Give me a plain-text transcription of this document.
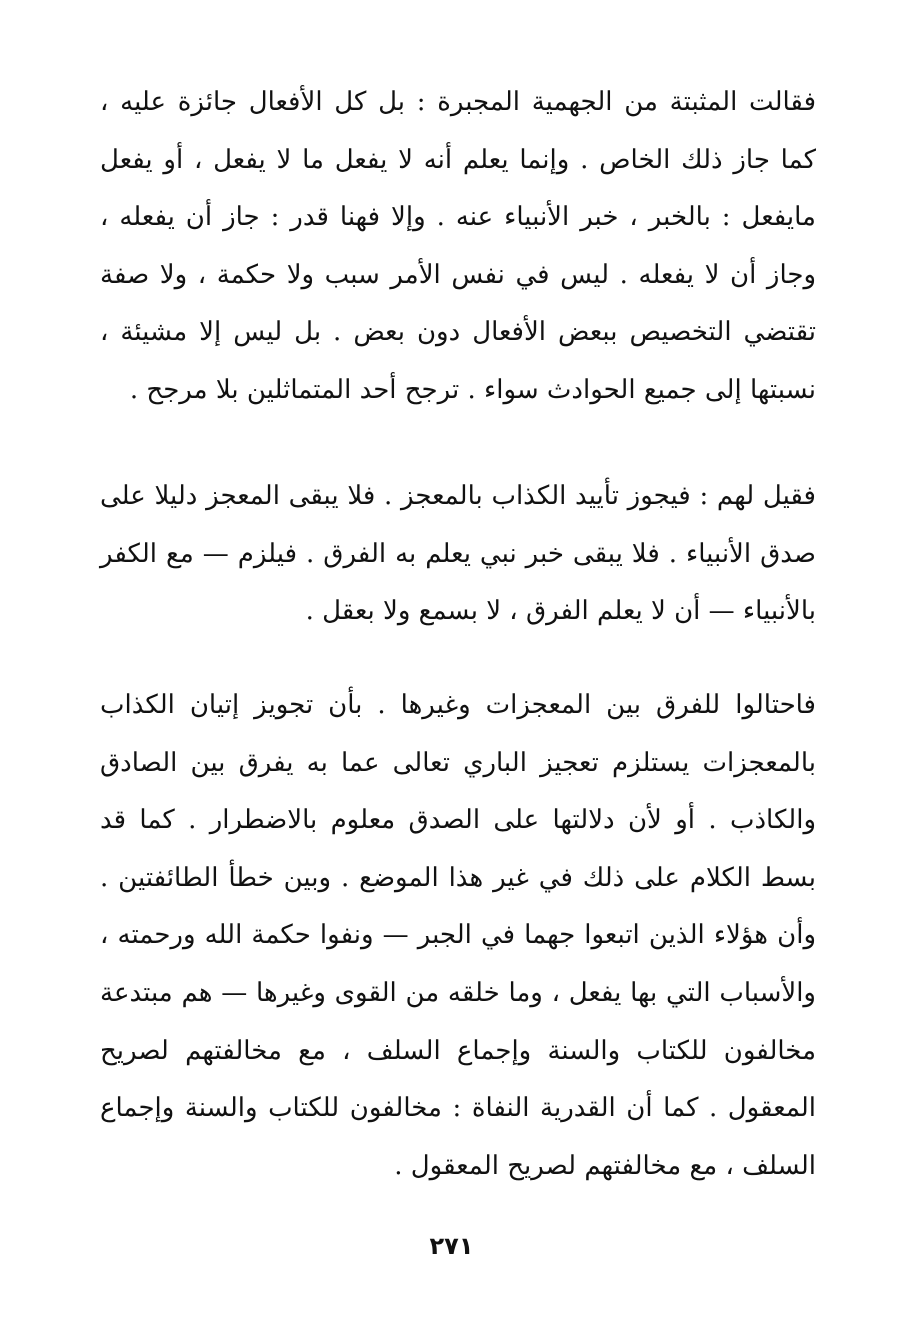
فقالت المثبتة من الجهمية المجبرة : بل كل الأفعال جائزة عليه ، كما جاز ذلك الخاص . وإنما يعلم أنه لا يفعل ما لا يفعل ، أو يفعل مايفعل : بالخبر ، خبر الأنبياء عنه . وإلا فهنا قدر : جاز أن يفعله ، وجاز أن لا يفعله . ليس في نفس الأمر سبب ولا حكمة ، ولا صفة تقتضي التخصيص ببعض الأفعال دون بعض . بل ليس إلا مشيئة ، نسبتها إلى جميع الحوادث سواء . ترجح أحد المتماثلين بلا مرجح .

فقيل لهم : فيجوز تأييد الكذاب بالمعجز . فلا يبقى المعجز دليلا على صدق الأنبياء . فلا يبقى خبر نبي يعلم به الفرق . فيلزم — مع الكفر بالأنبياء — أن لا يعلم الفرق ، لا بسمع ولا بعقل .

فاحتالوا للفرق بين المعجزات وغيرها . بأن تجويز إتيان الكذاب بالمعجزات يستلزم تعجيز الباري تعالى عما به يفرق بين الصادق والكاذب . أو لأن دلالتها على الصدق معلوم بالاضطرار . كما قد بسط الكلام على ذلك في غير هذا الموضع . وبين خطأ الطائفتين . وأن هؤلاء الذين اتبعوا جهما في الجبر — ونفوا حكمة الله ورحمته ، والأسباب التي بها يفعل ، وما خلقه من القوى وغيرها — هم مبتدعة مخالفون للكتاب والسنة وإجماع السلف ، مع مخالفتهم لصريح المعقول . كما أن القدرية النفاة : مخالفون للكتاب والسنة وإجماع السلف ، مع مخالفتهم لصريح المعقول .

٢٧١
